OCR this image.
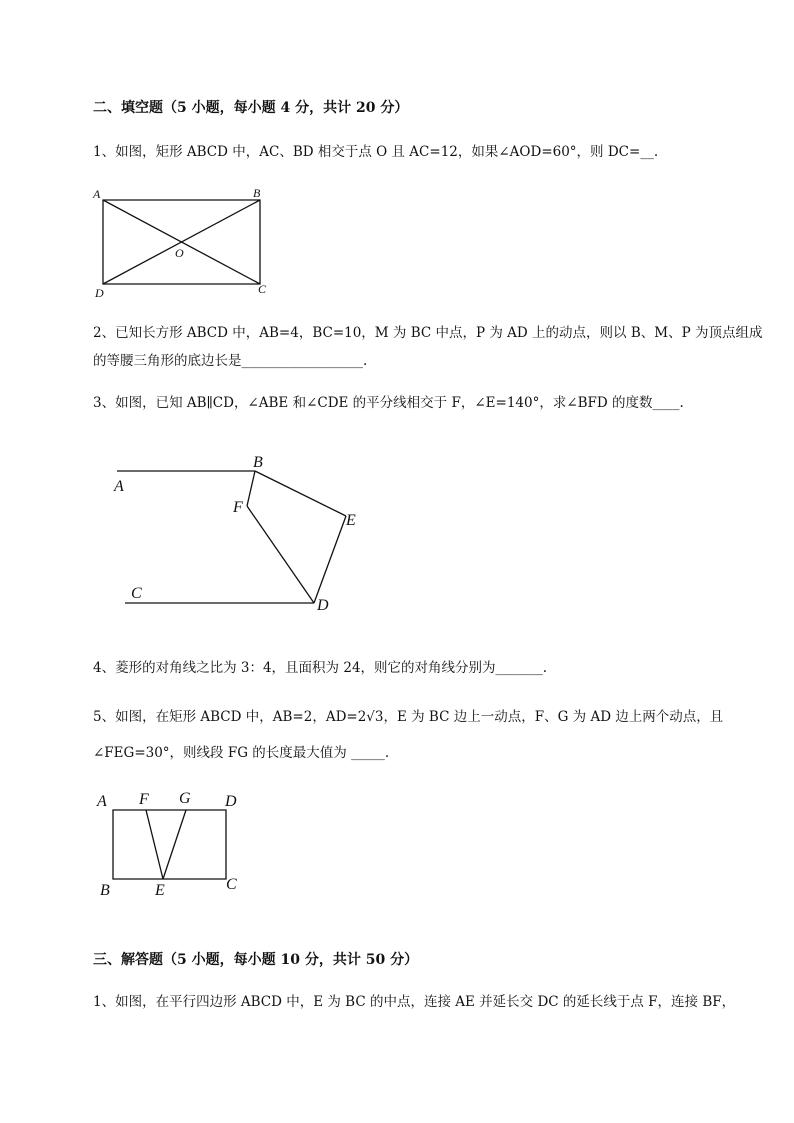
二、填空题（5 小题，每小题 4 分，共计 20 分）
1、如图，矩形 ABCD 中，AC、BD 相交于点 O 且 AC=12，如果∠AOD=60°，则 DC=__.
A	B
C
D
O
2、已知长方形 ABCD 中，AB=4，BC=10，M 为 BC 中点，P 为 AD 上的动点，则以 B、M、P 为顶点组成
的等腰三角形的底边长是__________________.
3、如图，已知 AB∥CD，∠ABE 和∠CDE 的平分线相交于 F，∠E=140°，求∠BFD 的度数____.
A
B
F
E
C
D
4、菱形的对角线之比为 3：4，且面积为 24，则它的对角线分别为_______.
5、如图，在矩形 ABCD 中，AB=2，AD=2√3，E 为 BC 边上一动点，F、G 为 AD 边上两个动点，且
∠FEG=30°，则线段 FG 的长度最大值为 _____.
A F G D
B	E	C
三、解答题（5 小题，每小题 10 分，共计 50 分）
1、如图，在平行四边形 ABCD 中，E 为 BC 的中点，连接 AE 并延长交 DC 的延长线于点 F，连接 BF，
